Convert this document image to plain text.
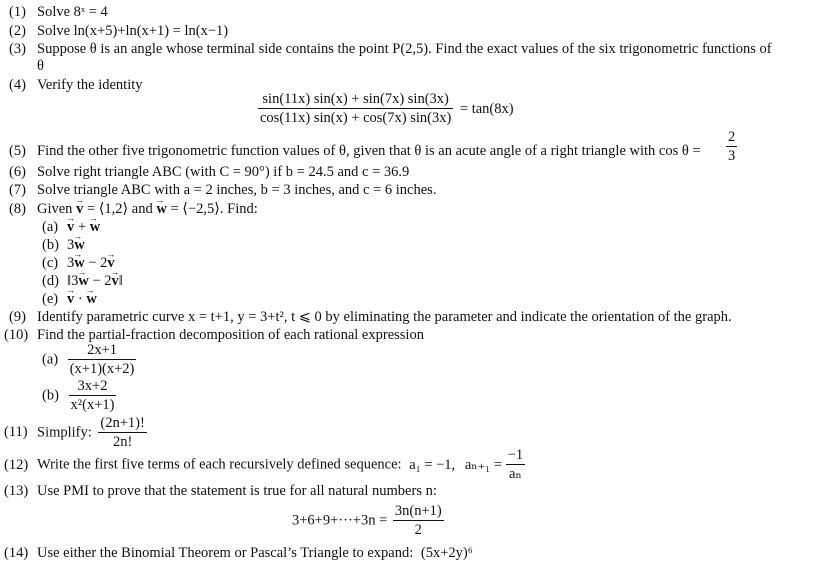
(1) Solve 8ˣ = 4
(2) Solve ln(x+5)+ln(x+1) = ln(x−1)
(3) Suppose θ is an angle whose terminal side contains the point P(2,5). Find the exact values of the six trigonometric functions of
θ
(4) Verify the identity
$\frac{\sin(11x) \sin(x) + \sin(7x) \sin(3x)}{\cos(11x) \sin(x) + \cos(7x) \sin(3x)} = \tan(8x)$
(5) Find the other five trigonometric function values of θ, given that θ is an acute angle of a right triangle with $\cos \theta = \frac{2}{3}$
(6) Solve right triangle ABC (with C = 90°) if b = 24.5 and c = 36.9
(7) Solve triangle ABC with a = 2 inches, b = 3 inches, and c = 6 inches.
(8) Given → v = ⟨1,2⟩ and → w = ⟨−2,5⟩. Find:
(a) → v + → w
(b) 3→ w
(c) 3→ w − 2→ v
(d) ‖3→ w − 2→ v‖
(e) → v · → w
(9) Identify parametric curve x = t+1, y = 3+t², t ⩽ 0 by eliminating the parameter and indicate the orientation of the graph.
(10) Find the partial-fraction decomposition of each rational expression
$(a) \frac{2x+1}{(x+1)(x+2)}$
$(b) \frac{3x+2}{\text{x²(x+1)}}$
(11) Simplify: $\frac{(2n+1)!}{2n!}$
(12) Write the first five terms of each recursively defined sequence: a₁ = −1, $a_{n+1} = \frac{-1}{\text{aₙ}}$
(13) Use PMI to prove that the statement is true for all natural numbers n:
$3+6+9+\cdot\cdot\cdot+3n = \frac{3n(n+1)}{2}$
(14) Use either the Binomial Theorem or Pascal’s Triangle to expand: (5x+2y)⁶
